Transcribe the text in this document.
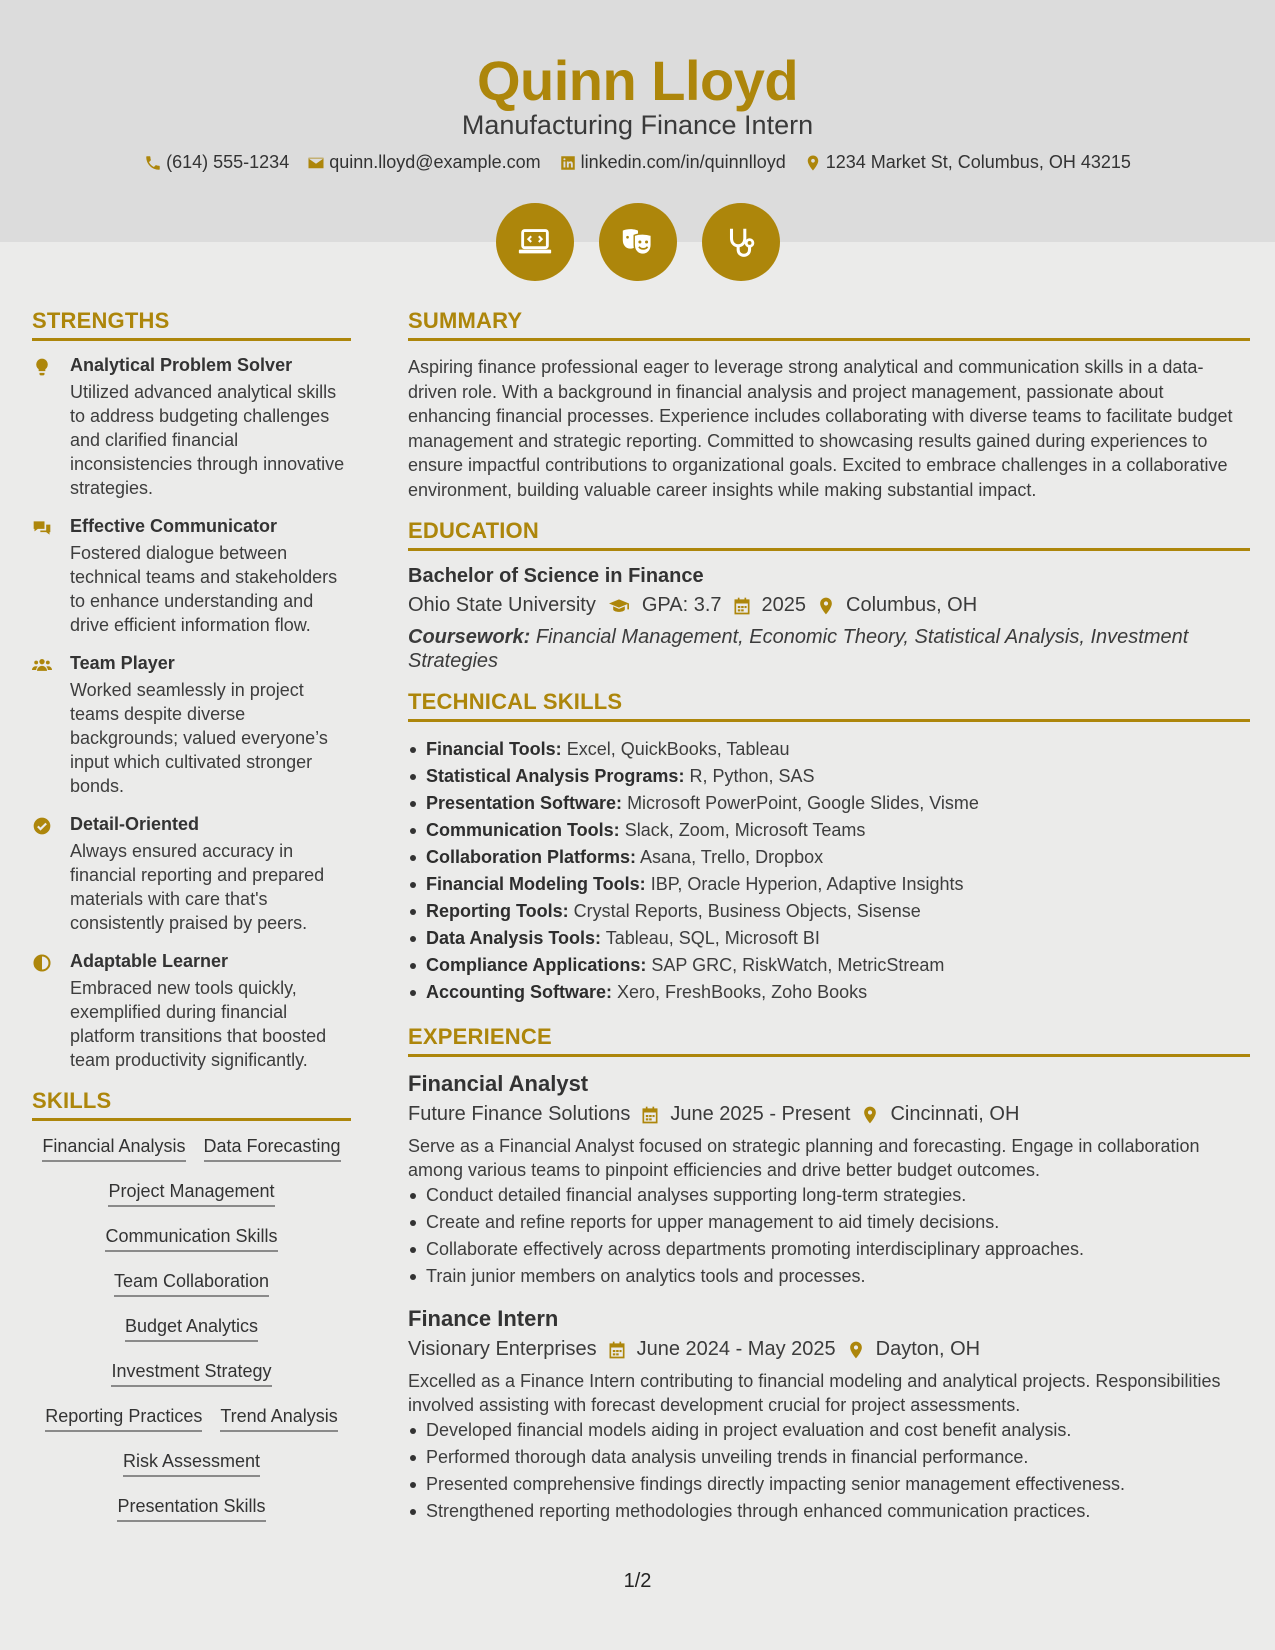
Quinn Lloyd
Manufacturing Finance Intern
(614) 555-1234 quinn.lloyd@example.com linkedin.com/in/quinnlloyd 1234 Market St, Columbus, OH 43215
STRENGTHS
Analytical Problem Solver
Utilized advanced analytical skills to address budgeting challenges and clarified financial inconsistencies through innovative strategies.
Effective Communicator
Fostered dialogue between technical teams and stakeholders to enhance understanding and drive efficient information flow.
Team Player
Worked seamlessly in project teams despite diverse backgrounds; valued everyone’s input which cultivated stronger bonds.
Detail-Oriented
Always ensured accuracy in financial reporting and prepared materials with care that's consistently praised by peers.
Adaptable Learner
Embraced new tools quickly, exemplified during financial platform transitions that boosted team productivity significantly.
SKILLS
Financial Analysis Data Forecasting
Project Management
Communication Skills
Team Collaboration
Budget Analytics
Investment Strategy
Reporting Practices Trend Analysis
Risk Assessment
Presentation Skills
SUMMARY
Aspiring finance professional eager to leverage strong analytical and communication skills in a data-driven role. With a background in financial analysis and project management, passionate about enhancing financial processes. Experience includes collaborating with diverse teams to facilitate budget management and strategic reporting. Committed to showcasing results gained during experiences to ensure impactful contributions to organizational goals. Excited to embrace challenges in a collaborative environment, building valuable career insights while making substantial impact.
EDUCATION
Bachelor of Science in Finance
Ohio State University GPA: 3.7 2025 Columbus, OH
Coursework: Financial Management, Economic Theory, Statistical Analysis, Investment Strategies
TECHNICAL SKILLS
Financial Tools: Excel, QuickBooks, Tableau
Statistical Analysis Programs: R, Python, SAS
Presentation Software: Microsoft PowerPoint, Google Slides, Visme
Communication Tools: Slack, Zoom, Microsoft Teams
Collaboration Platforms: Asana, Trello, Dropbox
Financial Modeling Tools: IBP, Oracle Hyperion, Adaptive Insights
Reporting Tools: Crystal Reports, Business Objects, Sisense
Data Analysis Tools: Tableau, SQL, Microsoft BI
Compliance Applications: SAP GRC, RiskWatch, MetricStream
Accounting Software: Xero, FreshBooks, Zoho Books
EXPERIENCE
Financial Analyst
Future Finance Solutions June 2025 - Present Cincinnati, OH
Serve as a Financial Analyst focused on strategic planning and forecasting. Engage in collaboration among various teams to pinpoint efficiencies and drive better budget outcomes.
Conduct detailed financial analyses supporting long-term strategies.
Create and refine reports for upper management to aid timely decisions.
Collaborate effectively across departments promoting interdisciplinary approaches.
Train junior members on analytics tools and processes.
Finance Intern
Visionary Enterprises June 2024 - May 2025 Dayton, OH
Excelled as a Finance Intern contributing to financial modeling and analytical projects. Responsibilities involved assisting with forecast development crucial for project assessments.
Developed financial models aiding in project evaluation and cost benefit analysis.
Performed thorough data analysis unveiling trends in financial performance.
Presented comprehensive findings directly impacting senior management effectiveness.
Strengthened reporting methodologies through enhanced communication practices.
1/2
